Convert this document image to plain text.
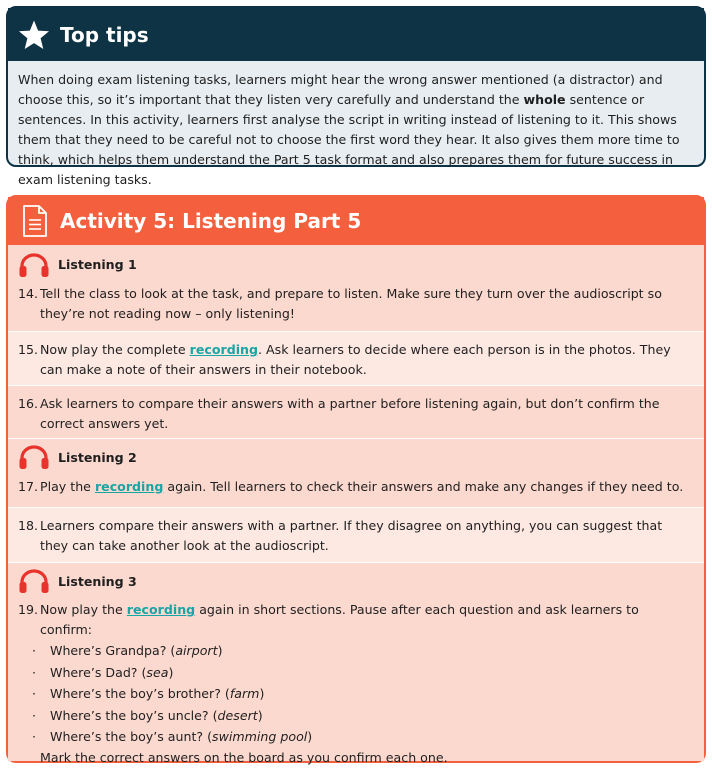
Top tips
When doing exam listening tasks, learners might hear the wrong answer mentioned (a distractor) and choose this, so it’s important that they listen very carefully and understand the whole sentence or sentences. In this activity, learners first analyse the script in writing instead of listening to it. This shows them that they need to be careful not to choose the first word they hear. It also gives them more time to think, which helps them understand the Part 5 task format and also prepares them for future success in exam listening tasks.
Activity 5: Listening Part 5
Listening 1
14. Tell the class to look at the task, and prepare to listen. Make sure they turn over the audioscript so they’re not reading now – only listening!
15. Now play the complete recording. Ask learners to decide where each person is in the photos. They can make a note of their answers in their notebook.
16. Ask learners to compare their answers with a partner before listening again, but don’t confirm the correct answers yet.
Listening 2
17. Play the recording again. Tell learners to check their answers and make any changes if they need to.
18. Learners compare their answers with a partner. If they disagree on anything, you can suggest that they can take another look at the audioscript.
Listening 3
19. Now play the recording again in short sections. Pause after each question and ask learners to confirm:
·	Where’s Grandpa? (airport)
·	Where’s Dad? (sea)
·	Where’s the boy’s brother? (farm)
·	Where’s the boy’s uncle? (desert)
·	Where’s the boy’s aunt? (swimming pool)
Mark the correct answers on the board as you confirm each one.
